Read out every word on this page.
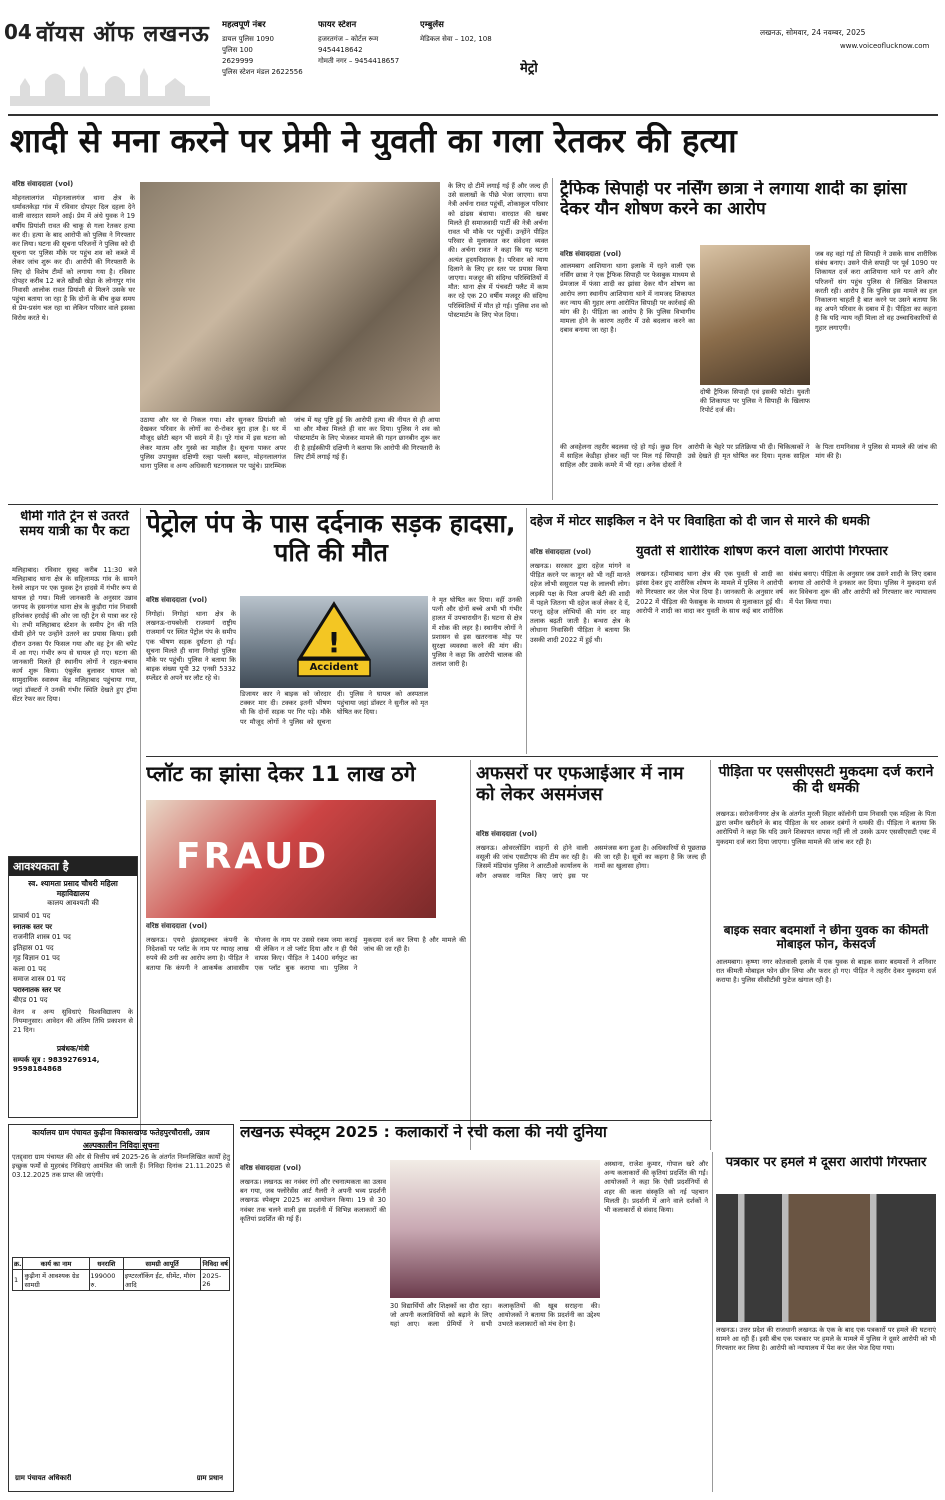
04 वॉयस ऑफ लखनऊ महत्वपूर्ण नंबर
डायल पुलिस 1090
पुलिस 100
2629999
पुलिस स्टेशन मंडल 2622556
फायर स्टेशन
हजरतगंज – कोर्टल रूम 9454418642
गोमती नगर – 9454418657
एम्बुलेंस
मेडिकल सेवा – 102, 108
मेट्रो
लखनऊ, सोमवार, 24 नवम्बर, 2025
www.voiceoflucknow.com
शादी से मना करने पर प्रेमी ने युवती का गला रेतकर की हत्या
वरिष्ठ संवाददाता (vol)
मोहनलालगंज मोहनलालगंज थाना क्षेत्र के धर्मावतकेड़ा गांव में रविवार दोपहर दिल दहला देने वाली वारदात सामने आई। प्रेम में अंधे युवक ने 19 वर्षीय प्रियांशी रावत की चाकू से गला रेतकर हत्या कर दी। हत्या के बाद आरोपी को पुलिस ने गिरफ्तार कर लिया। घटना की सूचना परिजनों ने पुलिस को दी सूचना पर पुलिस मौके पर पहुंच शव को कब्जे में लेकर जांच शुरू कर दी। आरोपी की गिरफ्तारी के लिए दो विशेष टीमों को लगाया गया है। रविवार दोपहर करीब 12 बजे खीखी खेड़ा के लोनापुर गांव निवासी आलोक रावत प्रियांशी से मिलने उसके घर पहुंचा बताया जा रहा है कि दोनों के बीच कुछ समय से प्रेम-प्रसंग चल रहा था लेकिन परिवार वाले इसका विरोध करते थे।
उठाया और घर से निकल गया। शोर सुनकर प्रियांशी को देखकर परिवार के लोगों का रो-रोकर बुरा हाल है। घर में मौजूद छोटी बहन भी सदमे में है। पूरे गांव में इस घटना को लेकर मातम और गुस्से का माहौल है। सूचना पाकर अपर पुलिस उपायुक्त दक्षिणी रल्हा पल्ली बसन्त, मोहनलालगंज थाना पुलिस व अन्य अधिकारी घटनास्थल पर पहुंचे। प्रारम्भिक जांच में यह पुष्टि हुई कि आरोपी हत्या की नीयत से ही आया था और मौका मिलते ही वार कर दिया। पुलिस ने शव को पोस्टमार्टम के लिए भेजकर मामले की गहन छानबीन शुरू कर दी है हाईस्कीपी दक्षिणी ने बताया कि आरोपी की गिरफ्तारी के लिए टीमें लगाई गई हैं।
के लिए दो टीमें लगाई गई हैं और जल्द ही उसे सलाखों के पीछे भेजा जाएगा। सपा नेत्री अर्चना रावत पहुंचीं, शोकाकुल परिवार को ढांढस बंधाया। वारदात की खबर मिलते ही समाजवादी पार्टी की नेत्री अर्चना रावत भी मौके पर पहुंचीं। उन्होंने पीड़ित परिवार से मुलाकात कर संवेदना व्यक्त की। अर्चना रावत ने कहा कि यह घटना अत्यंत हृदयविदारक है। परिवार को न्याय दिलाने के लिए हर स्तर पर प्रयास किया जाएगा। मजदूर की संदिग्ध परिस्थितियों में मौत: थाना क्षेत्र में पंचवटी फ्लैट में काम कर रहे एक 20 वर्षीय मजदूर की संदिग्ध परिस्थितियों में मौत हो गई। पुलिस शव को पोस्टमार्टम के लिए भेज दिया।
ट्रैफिक सिपाही पर नर्सिंग छात्रा ने लगाया शादी का झांसा देकर यौन शोषण करने का आरोप
वरिष्ठ संवाददाता (vol)
आलमबाग आशियाना थाना इलाके में रहने वाली एक नर्सिंग छात्रा ने एक ट्रैफिक सिपाही पर फेसबुक माध्यम से प्रेमजाल में फंसा शादी का झांसा देकर यौन शोषण का आरोप लगा स्थानीय आशियाना थाने में नामजद शिकायत कर न्याय की गुहार लगा आरोपित सिपाही पर कार्रवाई की मांग की है। पीड़िता का आरोप है कि पुलिस विभागीय मामला होने के कारण तहरीर में उसे बदलाव करने का दबाव बनाया जा रहा है।
दोषी ट्रैफिक सिपाही एवं इसकी फोटो। युवती की शिकायत पर पुलिस ने सिपाही के खिलाफ रिपोर्ट दर्ज की।
जब वह वहां गई तो सिपाही ने उसके साथ शारीरिक संबंध बनाए। उसने पीले सपाही पर पूर्व 1090 पर शिकायत दर्ज करा आशियाना थाने पर आने और परिजनों संग पहुंच पुलिस से लिखित शिकायत करती रही। आरोप है कि पुलिस इस मामले का हल निकालना चाहती है बात करने पर उसने बताया कि वह अपने परिवार के दबाव में है। पीड़िता का कहना है कि यदि न्याय नहीं मिला तो वह उच्चाधिकारियों से गुहार लगाएगी।
की अवहेलना तहरीर बदलवा रहे हो गई। कुछ दिन में साहिल केडीहा होकर वहीं पर मिल गई सिपाही साहिल और उसके कमरे में भी रहा। अनेक दोस्तों ने आरोपी के चेहरे पर प्रतिक्रिया भी दी। चिकित्सकों ने उसे देखते ही मृत घोषित कर दिया। मृतक साहिल के पिता रामनिवास ने पुलिस से मामले की जांच की मांग की है।
धीमी गति ट्रेन से उतरते समय यात्री का पैर कटा
मलिहाबाद। रविवार सुबह करीब 11:30 बजे मलिहाबाद थाना क्षेत्र के सहिलामऊ गांव के सामने रेलवे लाइन पर एक युवक ट्रेन हादसे में गंभीर रूप से घायल हो गया। मिली जानकारी के अनुसार उन्नाव जनपद के हसनगंज थाना क्षेत्र के कुड़ौरा गांव निवासी हरिशंकर हरदोई की ओर जा रही ट्रेन से यात्रा कर रहे थे। तभी मलिहाबाद स्टेशन के समीप ट्रेन की गति धीमी होने पर उन्होंने उतरने का प्रयास किया। इसी दौरान उनका पैर फिसल गया और वह ट्रेन की चपेट में आ गए। गंभीर रूप से घायल हो गए। घटना की जानकारी मिलते ही स्थानीय लोगों ने राहत-बचाव कार्य शुरू किया। एंबुलेंस बुलाकर घायल को सामुदायिक स्वास्थ्य केंद्र मलिहाबाद पहुंचाया गया, जहां डॉक्टरों ने उनकी गंभीर स्थिति देखते हुए ट्रॉमा सेंटर रेफर कर दिया।
पेट्रोल पंप के पास दर्दनाक सड़क हादसा, पति की मौत
वरिष्ठ संवाददाता (vol)
निगोहां। निगोहां थाना क्षेत्र के लखनऊ-रायबरेली राजमार्ग राष्ट्रीय राजमार्ग पर स्थित पेट्रोल पंप के समीप एक भीषण सड़क दुर्घटना हो गई। सूचना मिलते ही थाना निगोहां पुलिस मौके पर पहुंची। पुलिस ने बताया कि बाइक संख्या यूपी 32 एनसी 5332 स्प्लेंडर से अपने घर लौट रहे थे।
!
Accident
डिजायर कार ने बाइक को जोरदार टक्कर मार दी। टक्कर इतनी भीषण थी कि दोनों सड़क पर गिर पड़े। मौके पर मौजूद लोगों ने पुलिस को सूचना दी। पुलिस ने घायल को अस्पताल पहुंचाया जहां डॉक्टर ने सुनील को मृत घोषित कर दिया।
ने मृत घोषित कर दिया। वहीं उनकी पत्नी और दोनों बच्चे अभी भी गंभीर हालत में उपचाराधीन हैं। घटना से क्षेत्र में शोक की लहर है। स्थानीय लोगों ने प्रशासन से इस खतरनाक मोड़ पर सुरक्षा व्यवस्था करने की मांग की। पुलिस ने कहा कि आरोपी चालक की तलाश जारी है।
दहेज में मोटर साइकिल न देने पर विवाहिता को दी जान से मारने की धमकी
वरिष्ठ संवाददाता (vol)
लखनऊ। सरकार द्वारा दहेज मांगने व पीड़ित करने पर कानून को भी नहीं मानते दहेज लोभी ससुराल पक्ष के लालची लोग। लड़की पक्ष के पिता अपनी बेटी की शादी में पहले जितना भी दहेज कर्ज लेकर दे दें, परन्तु दहेज लोभियों की मांग दर माह तलाक बढ़ती जाती है। बन्थरा क्षेत्र के लोधाना निवासिनी पीड़िता ने बताया कि उसकी शादी 2022 में हुई थी।
युवती से शारीरिक शोषण करने वाला आरोपी गिरफ्तार
लखनऊ। रहीमाबाद थाना क्षेत्र की एक युवती से शादी का झांसा देकर हुए शारीरिक शोषण के मामले में पुलिस ने आरोपी को गिरफ्तार कर जेल भेज दिया है। जानकारी के अनुसार वर्ष 2022 में पीड़िता की फेसबुक के माध्यम से मुलाकात हुई थी। आरोपी ने शादी का वादा कर युवती के साथ कई बार शारीरिक संबंध बनाए। पीड़िता के अनुसार जब उसने शादी के लिए दबाव बनाया तो आरोपी ने इनकार कर दिया। पुलिस ने मुकदमा दर्ज कर विवेचना शुरू की और आरोपी को गिरफ्तार कर न्यायालय में पेश किया गया।
प्लॉट का झांसा देकर 11 लाख ठगे
FRAUD
वरिष्ठ संवाददाता (vol)
लखनऊ। एयरो इंफ्रास्ट्रक्चर कंपनी के निदेशकों पर प्लॉट के नाम पर ग्यारह लाख रुपये की ठगी का आरोप लगा है। पीड़ित ने बताया कि कंपनी ने आकर्षक आवासीय योजना के नाम पर उससे रकम जमा कराई थी लेकिन न तो प्लॉट दिया और न ही पैसे वापस किए। पीड़ित ने 1400 वर्गफुट का एक प्लॉट बुक कराया था। पुलिस ने मुकदमा दर्ज कर लिया है और मामले की जांच की जा रही है।
अफसरों पर एफआईआर में नाम को लेकर असमंजस
वरिष्ठ संवाददाता (vol)
लखनऊ। ओवरलोडिंग वाहनों से होने वाली वसूली की जांच एसटीएफ की टीम कर रही है। जिसमें मंडियांव पुलिस ने आरटीओ कार्यालय के कौन अफसर नामित किए जाएं इस पर असमंजस बना हुआ है। अधिकारियों से पूछताछ की जा रही है। सूत्रों का कहना है कि जल्द ही नामों का खुलासा होगा।
पीड़िता पर एससीएसटी मुकदमा दर्ज कराने की दी धमकी
लखनऊ। सरोजनीनगर क्षेत्र के अंतर्गत मुरली विहार कॉलोनी ग्राम निवासी एक महिला के पिता द्वारा जमीन खरीदने के बाद पीड़िता के घर आकर दबंगों ने धमकी दी। पीड़िता ने बताया कि आरोपियों ने कहा कि यदि उसने शिकायत वापस नहीं ली तो उसके ऊपर एससीएसटी एक्ट में मुकदमा दर्ज करा दिया जाएगा। पुलिस मामले की जांच कर रही है।
बाइक सवार बदमाशों ने छीना युवक का कीमती मोबाइल फोन, केसदर्ज
आलमबाग। कृष्णा नगर कोतवाली इलाके में एक युवक से बाइक सवार बदमाशों ने शनिवार रात कीमती मोबाइल फोन छीन लिया और फरार हो गए। पीड़ित ने तहरीर देकर मुकदमा दर्ज कराया है। पुलिस सीसीटीवी फुटेज खंगाल रही है।
आवश्यकता है
स्व. श्यामता प्रसाद चौधरी महिला महाविद्यालय
कालय आवश्यती की
प्राचार्य 01 पद
स्नातक स्तर पर
राजनीति शास्त्र 01 पद
इतिहास 01 पद
गृह विज्ञान 01 पद
कला 01 पद
समाज शास्त्र 01 पद
परास्नातक स्तर पर
बीएड 01 पद
वेतन व अन्य सुविधाएं विश्वविद्यालय के नियमानुसार। आवेदन की अंतिम तिथि प्रकाशन से 21 दिन।
प्रबंधक/मंत्री
सम्पर्क सूत्र : 9839276914, 9598184868
कार्यालय ग्राम पंचायत कुढ़ीना विकासखण्ड फतेहपुरचौरासी, उन्नाव
अल्पकालीन निविदा सूचना
एतद्द्वारा ग्राम पंचायत की ओर से वित्तीय वर्ष 2025-26 के अंतर्गत निम्नलिखित कार्यों हेतु इच्छुक फर्मों से मुहरबंद निविदाएं आमंत्रित की जाती हैं। निविदा दिनांक 21.11.2025 से 03.12.2025 तक प्राप्त की जाएंगी।
क्र.	कार्य का नाम	धनराशि	सामग्री आपूर्ति	निविदा वर्ष
1	कुढ़ीना में आवश्यक ग्रेड सामग्री	199000 रु.	इण्टरलॉकिंग ईंट, सीमेंट, मौरंग आदि	2025-26
ग्राम पंचायत अधिकारी	ग्राम प्रधान
लखनऊ स्पेक्ट्रम 2025 : कलाकारों ने रची कला की नयी दुनिया
वरिष्ठ संवाददाता (vol)
लखनऊ। लखनऊ का नवंबर रंगों और रचनात्मकता का उत्सव बन गया, जब फ्लोरेसेंस आर्ट गैलरी ने अपनी भव्य प्रदर्शनी लखनऊ स्पेक्ट्रम 2025 का आयोजन किया। 19 से 30 नवंबर तक चलने वाली इस प्रदर्शनी में विभिन्न कलाकारों की कृतियां प्रदर्शित की गई हैं।
30 विद्यार्थियों और शिक्षकों का दौरा रहा। जो अपनी कलाविधियों को बढ़ाने के लिए यहां आए। कला प्रेमियों ने सभी कलाकृतियों की खूब सराहना की। आयोजकों ने बताया कि प्रदर्शनी का उद्देश्य उभरते कलाकारों को मंच देना है।
अस्थाना, राजेश कुमार, गोपाल खरे और अन्य कलाकारों की कृतियां प्रदर्शित की गईं। आयोजकों ने कहा कि ऐसी प्रदर्शनियों से शहर की कला संस्कृति को नई पहचान मिलती है। प्रदर्शनी में आने वाले दर्शकों ने भी कलाकारों से संवाद किया।
पत्रकार पर हमले में दूसरा आरोपी गिरफ्तार
लखनऊ। उत्तर प्रदेश की राजधानी लखनऊ के एक के बाद एक पत्रकारों पर हमले की घटनाएं सामने आ रही हैं। इसी बीच एक पत्रकार पर हमले के मामले में पुलिस ने दूसरे आरोपी को भी गिरफ्तार कर लिया है। आरोपी को न्यायालय में पेश कर जेल भेज दिया गया।
